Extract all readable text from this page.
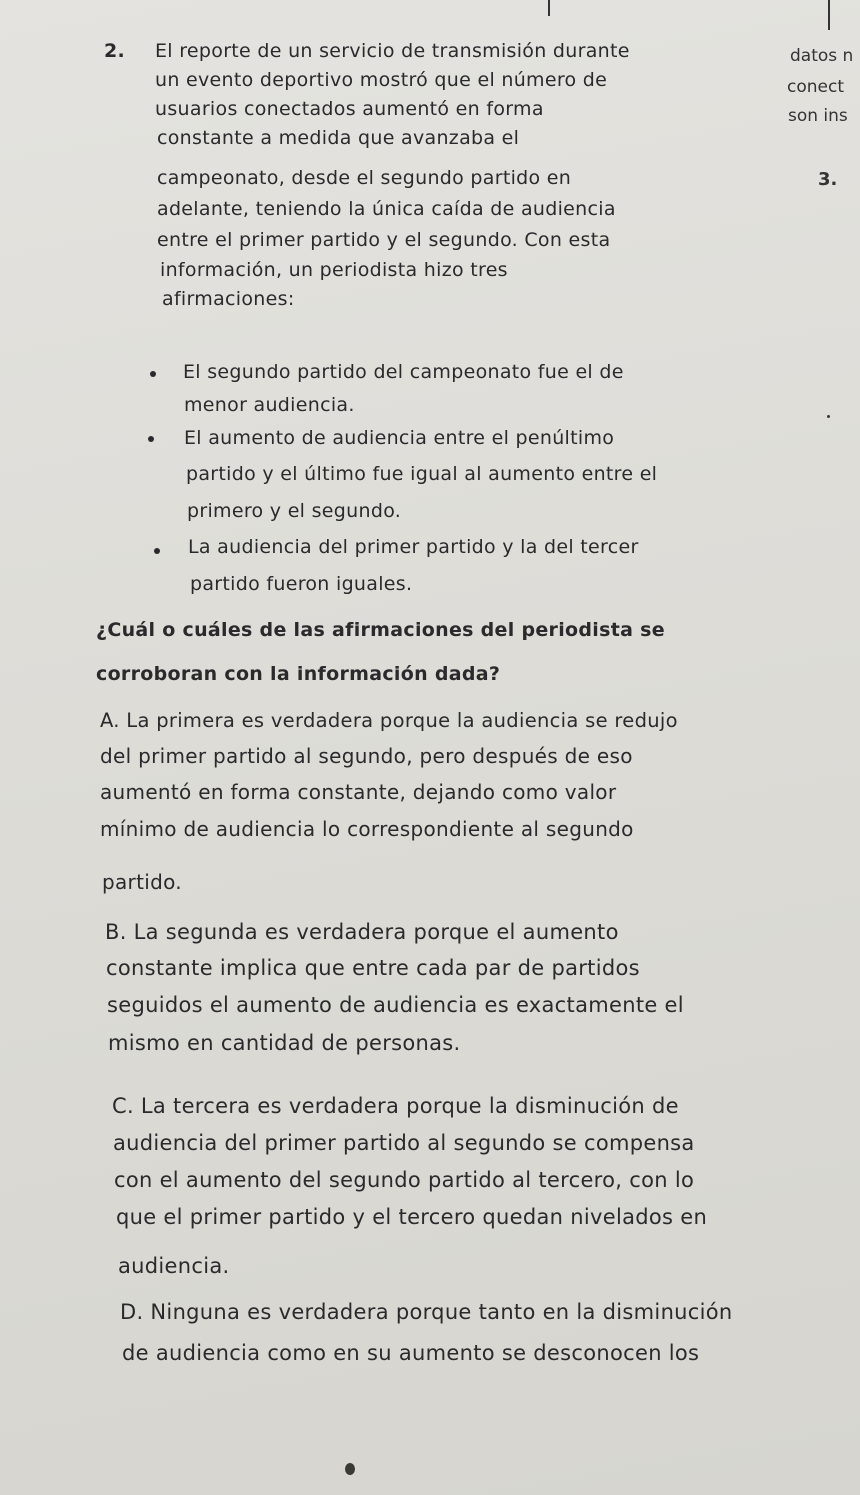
2. El reporte de un servicio de transmisión durante
un evento deportivo mostró que el número de
usuarios conectados aumentó en forma
constante a medida que avanzaba el
campeonato, desde el segundo partido en
adelante, teniendo la única caída de audiencia
entre el primer partido y el segundo. Con esta
información, un periodista hizo tres
afirmaciones:
El segundo partido del campeonato fue el de
menor audiencia.
El aumento de audiencia entre el penúltimo
partido y el último fue igual al aumento entre el
primero y el segundo.
La audiencia del primer partido y la del tercer
partido fueron iguales.
¿Cuál o cuáles de las afirmaciones del periodista se
corroboran con la información dada?
A. La primera es verdadera porque la audiencia se redujo
del primer partido al segundo, pero después de eso
aumentó en forma constante, dejando como valor
mínimo de audiencia lo correspondiente al segundo
partido.
B. La segunda es verdadera porque el aumento
constante implica que entre cada par de partidos
seguidos el aumento de audiencia es exactamente el
mismo en cantidad de personas.
C. La tercera es verdadera porque la disminución de
audiencia del primer partido al segundo se compensa
con el aumento del segundo partido al tercero, con lo
que el primer partido y el tercero quedan nivelados en
audiencia.
D. Ninguna es verdadera porque tanto en la disminución
de audiencia como en su aumento se desconocen los
datos n
conect
son ins
3.
